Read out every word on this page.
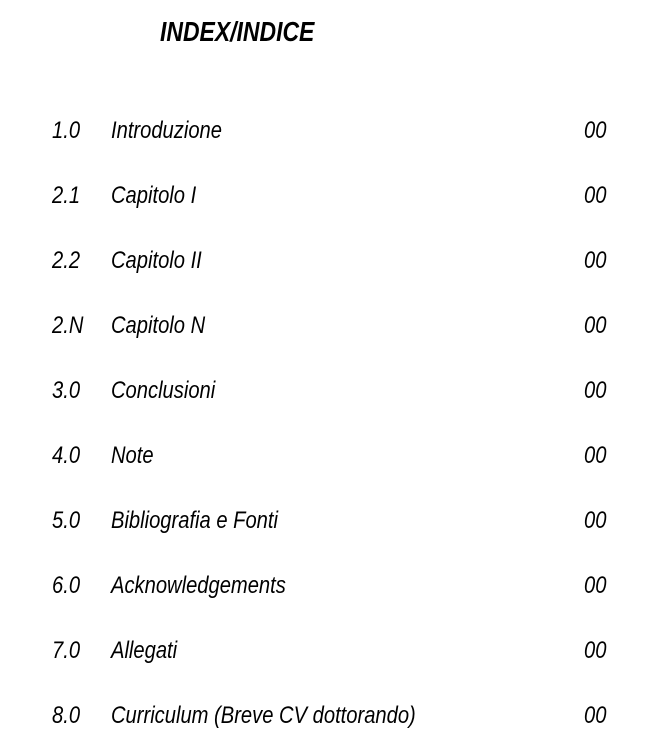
INDEX/INDICE
1.0 Introduzione	00
2.1 Capitolo I	00
2.2 Capitolo II	00
2.N Capitolo N	00
3.0 Conclusioni	00
4.0 Note	00
5.0 Bibliografia e Fonti	00
6.0 Acknowledgements	00
7.0 Allegati	00
8.0 Curriculum (Breve CV dottorando)	00
